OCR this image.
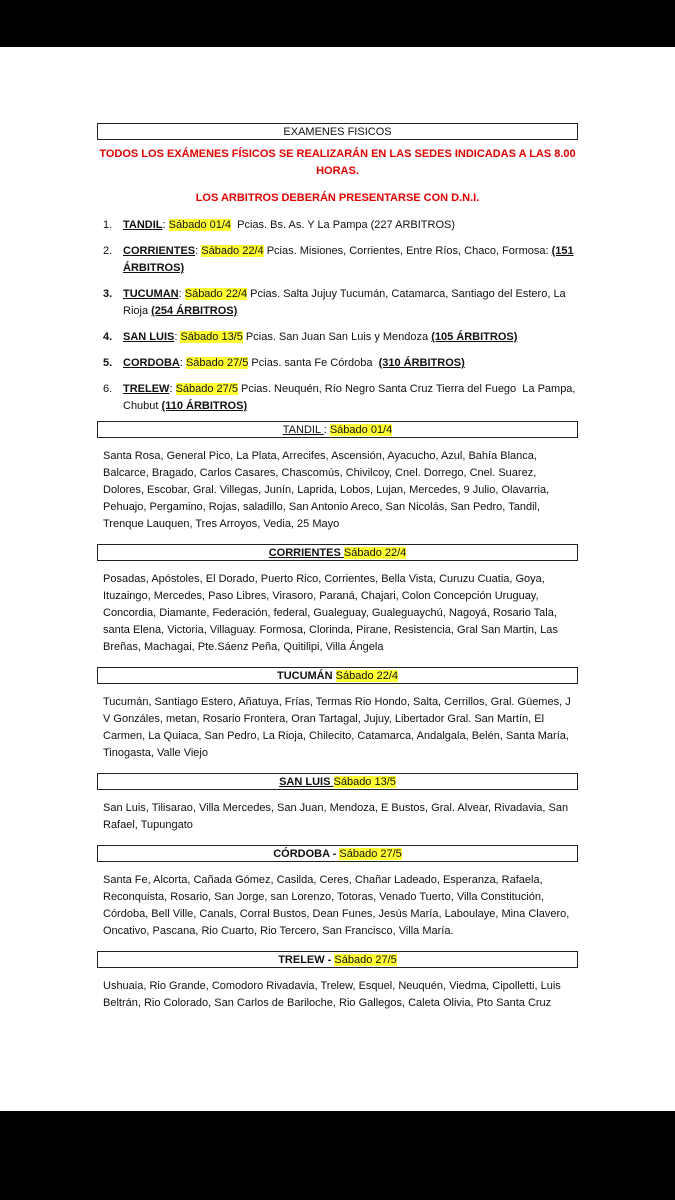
EXAMENES FISICOS
TODOS LOS EXÁMENES FÍSICOS SE REALIZARÁN EN LAS SEDES INDICADAS A LAS 8.00 HORAS.
LOS ARBITROS DEBERÁN PRESENTARSE CON D.N.I.
1. TANDIL: Sábado 01/4  Pcias. Bs. As. Y La Pampa (227 ARBITROS)
2. CORRIENTES: Sábado 22/4 Pcias. Misiones, Corrientes, Entre Ríos, Chaco, Formosa: (151 ÁRBITROS)
3. TUCUMAN: Sábado 22/4 Pcias. Salta Jujuy Tucumán, Catamarca, Santiago del Estero, La Rioja (254 ÁRBITROS)
4. SAN LUIS: Sábado 13/5 Pcias. San Juan San Luis y Mendoza (105 ÁRBITROS)
5. CORDOBA: Sábado 27/5 Pcias. santa Fe Córdoba  (310 ÁRBITROS)
6. TRELEW: Sábado 27/5 Pcias. Neuquén, Río Negro Santa Cruz Tierra del Fuego  La Pampa, Chubut (110 ÁRBITROS)
TANDIL : Sábado 01/4
Santa Rosa, General Pico, La Plata, Arrecifes, Ascensión, Ayacucho, Azul, Bahía Blanca, Balcarce, Bragado, Carlos Casares, Chascomús, Chivilcoy, Cnel. Dorrego, Cnel. Suarez, Dolores, Escobar, Gral. Villegas, Junín, Laprida, Lobos, Lujan, Mercedes, 9 Julio, Olavarria, Pehuajo, Pergamino, Rojas, saladillo, San Antonio Areco, San Nicolás, San Pedro, Tandil, Trenque Lauquen, Tres Arroyos, Vedia, 25 Mayo
CORRIENTES Sábado 22/4
Posadas, Apóstoles, El Dorado, Puerto Rico, Corrientes, Bella Vista, Curuzu Cuatia, Goya, Ituzaingo, Mercedes, Paso Libres, Virasoro, Paraná, Chajari, Colon Concepción Uruguay, Concordia, Diamante, Federación, federal, Gualeguay, Gualeguaychú, Nagoyá, Rosario Tala, santa Elena, Victoria, Villaguay. Formosa, Clorinda, Pirane, Resistencia, Gral San Martin, Las Breñas, Machagai, Pte.Sáenz Peña, Quitilipi, Villa Ángela
TUCUMÁN Sábado 22/4
Tucumán, Santiago Estero, Añatuya, Frías, Termas Rio Hondo, Salta, Cerrillos, Gral. Güemes, J V Gonzáles, metan, Rosario Frontera, Oran Tartagal, Jujuy, Libertador Gral. San Martín, El Carmen, La Quiaca, San Pedro, La Rioja, Chilecito, Catamarca, Andalgala, Belén, Santa María, Tinogasta, Valle Viejo
SAN LUIS Sábado 13/5
San Luis, Tilisarao, Villa Mercedes, San Juan, Mendoza, E Bustos, Gral. Alvear, Rivadavia, San Rafael, Tupungato
CÓRDOBA - Sábado 27/5
Santa Fe, Alcorta, Cañada Gómez, Casilda, Ceres, Chañar Ladeado, Esperanza, Rafaela, Reconquista, Rosario, San Jorge, san Lorenzo, Totoras, Venado Tuerto, Villa Constitución, Córdoba, Bell Ville, Canals, Corral Bustos, Dean Funes, Jesús María, Laboulaye, Mina Clavero, Oncativo, Pascana, Rio Cuarto, Rio Tercero, San Francisco, Villa María.
TRELEW - Sábado 27/5
Ushuaia, Rio Grande, Comodoro Rivadavia, Trelew, Esquel, Neuquén, Viedma, Cipolletti, Luis Beltrán, Rio Colorado, San Carlos de Bariloche, Rio Gallegos, Caleta Olivia, Pto Santa Cruz
